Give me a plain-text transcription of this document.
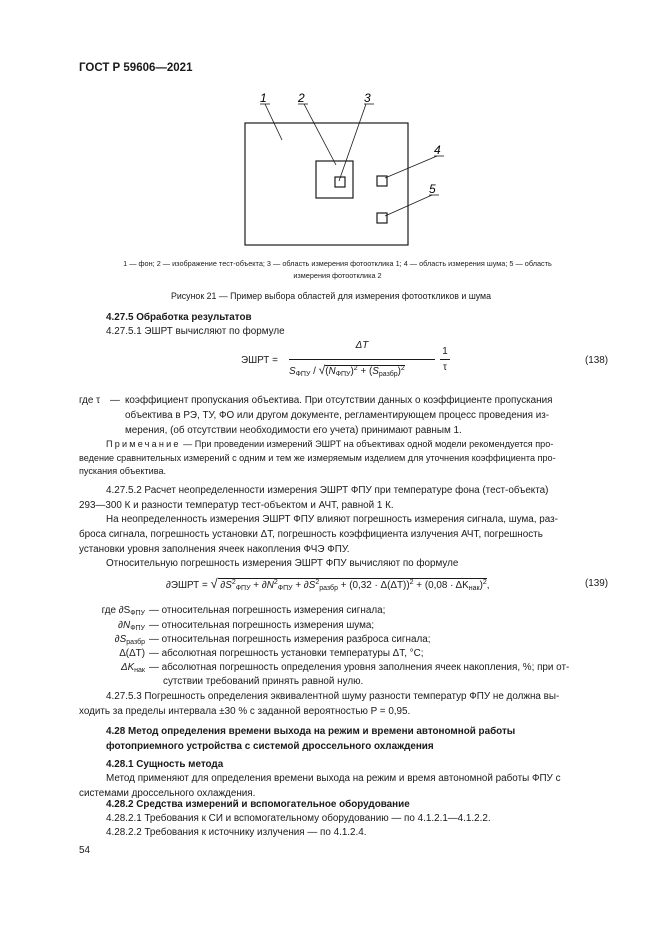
ГОСТ Р 59606—2021
1	2	3
4
5
1 — фон; 2 — изображение тест-объекта; 3 — область измерения фотоотклика 1; 4 — область измерения шума; 5 — область
измерения фотоотклика 2
Рисунок 21 — Пример выбора областей для измерения фотооткликов и шума
4.27.5 Обработка результатов
4.27.5.1 ЭШРТ вычисляют по формуле
ЭШРТ =
ΔT
$S_{ФПУ} / √(N_{ФПУ})^2 + (S_{разбр})^2$
1
τ
(138)
где τ — коэффициент пропускания объектива. При отсутствии данных о коэффициенте пропускания
объектива в РЭ, ТУ, ФО или другом документе, регламентирующем процесс проведения из-
мерения, (об отсутствии необходимости его учета) принимают равным 1.
Примечание — При проведении измерений ЭШРТ на объективах одной модели рекомендуется про-
ведение сравнительных измерений с одним и тем же измеряемым изделием для уточнения коэффициента про-
пускания объектива.
4.27.5.2 Расчет неопределенности измерения ЭШРТ ФПУ при температуре фона (тест-объекта)
293—300 К и разности температур тест-объектом и АЧТ, равной 1 К.
На неопределенность измерения ЭШРТ ФПУ влияют погрешность измерения сигнала, шума, раз-
броса сигнала, погрешность установки ΔT, погрешность коэффициента излучения АЧТ, погрешность
установки уровня заполнения ячеек накопления ФЧЭ ФПУ.
Относительную погрешность измерения ЭШРТ ФПУ вычисляют по формуле
∂ЭШРТ = √ $\partial S^2_{ФПУ} + \partial N^2_{ФПУ} + \partial S^2_{разбр} + (0,32 \cdot \Delta(\Delta T))^2 + (0,08 \cdot \Delta K_{нак})^2$,	(139)
где $\partial S_{ФПУ}$ — относительная погрешность измерения сигнала;
$\partial N_{ФПУ}$ — относительная погрешность измерения шума;
$\partial S_{разбр}$ — относительная погрешность измерения разброса сигнала;
Δ(ΔT) — абсолютная погрешность установки температуры ΔT, °C;
$\Delta K_{нак}$ — абсолютная погрешность определения уровня заполнения ячеек накопления, %; при от-
сутствии требований принять равной нулю.
4.27.5.3 Погрешность определения эквивалентной шуму разности температур ФПУ не должна вы-
ходить за пределы интервала ±30 % с заданной вероятностью P = 0,95.
4.28 Метод определения времени выхода на режим и времени автономной работы
фотоприемного устройства с системой дроссельного охлаждения
4.28.1 Сущность метода
Метод применяют для определения времени выхода на режим и время автономной работы ФПУ с
системами дроссельного охлаждения.
4.28.2 Средства измерений и вспомогательное оборудование
4.28.2.1 Требования к СИ и вспомогательному оборудованию — по 4.1.2.1—4.1.2.2.
4.28.2.2 Требования к источнику излучения — по 4.1.2.4.
54
